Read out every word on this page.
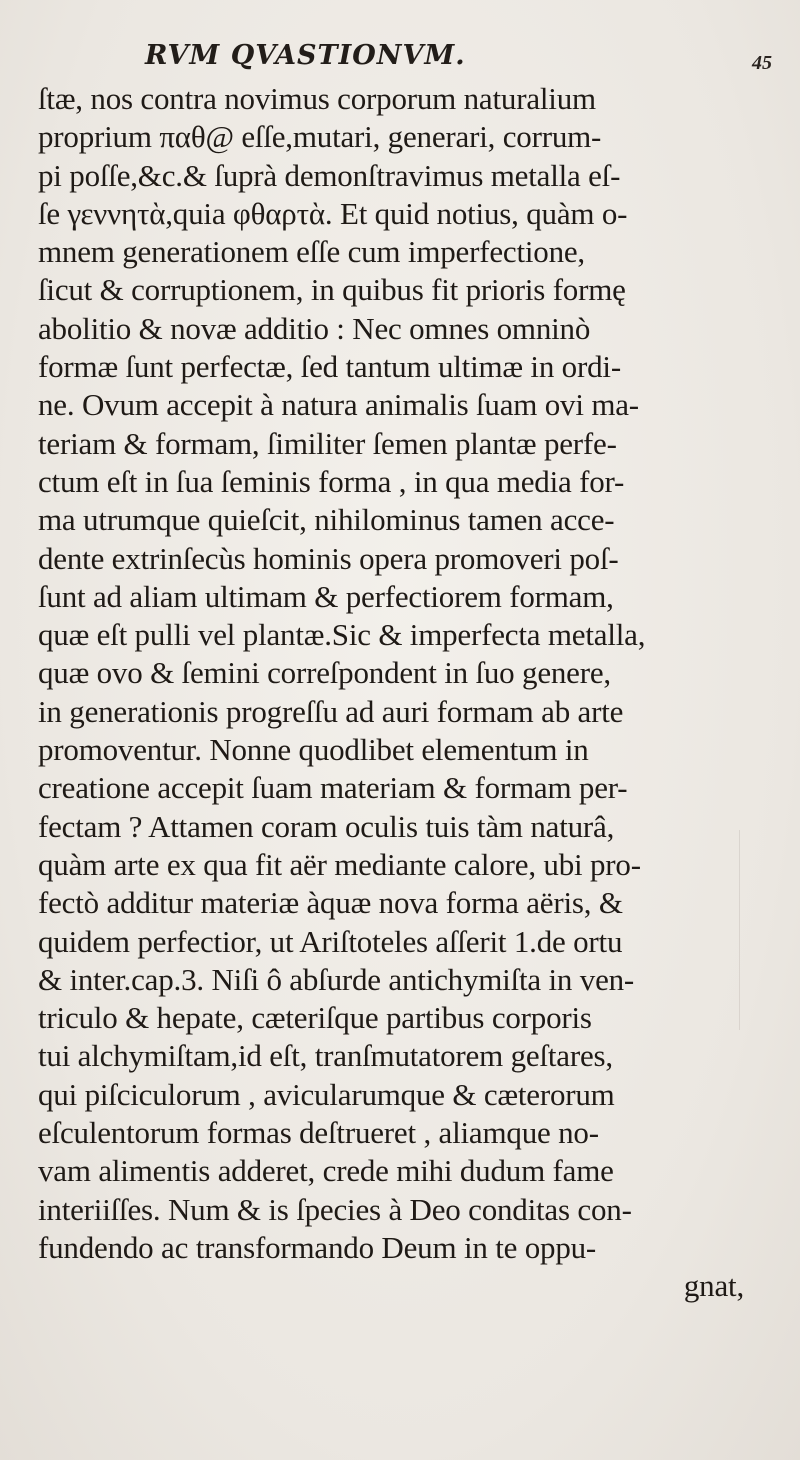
RVM QVASTIONVM.	45
ſtæ, nos contra novimus corporum naturalium
proprium παθ@ eſſe,mutari, generari, corrum-
pi poſſe,&c.& ſuprà demonſtravimus metalla eſ-
ſe γεννητὰ,quia φθαρτὰ. Et quid notius, quàm o-
mnem generationem eſſe cum imperfectione,
ſicut & corruptionem, in quibus fit prioris formę
abolitio & novæ additio : Nec omnes omninò
formæ ſunt perfectæ, ſed tantum ultimæ in ordi-
ne. Ovum accepit à natura animalis ſuam ovi ma-
teriam & formam, ſimiliter ſemen plantæ perfe-
ctum eſt in ſua ſeminis forma , in qua media for-
ma utrumque quieſcit, nihilominus tamen acce-
dente extrinſecùs hominis opera promoveri poſ-
ſunt ad aliam ultimam & perfectiorem formam,
quæ eſt pulli vel plantæ.Sic & imperfecta metalla,
quæ ovo & ſemini correſpondent in ſuo genere,
in generationis progreſſu ad auri formam ab arte
promoventur. Nonne quodlibet elementum in
creatione accepit ſuam materiam & formam per-
fectam ? Attamen coram oculis tuis tàm naturâ,
quàm arte ex qua fit aër mediante calore, ubi pro-
fectò additur materiæ àquæ nova forma aëris, &
quidem perfectior, ut Ariſtoteles aſſerit 1.de ortu
& inter.cap.3. Niſi ô abſurde antichymiſta in ven-
triculo & hepate, cæteriſque partibus corporis
tui alchymiſtam,id eſt, tranſmutatorem geſtares,
qui piſciculorum , avicularumque & cæterorum
eſculentorum formas deſtrueret , aliamque no-
vam alimentis adderet, crede mihi dudum fame
interiiſſes. Num & is ſpecies à Deo conditas con-
fundendo ac transformando Deum in te oppu-
gnat,
